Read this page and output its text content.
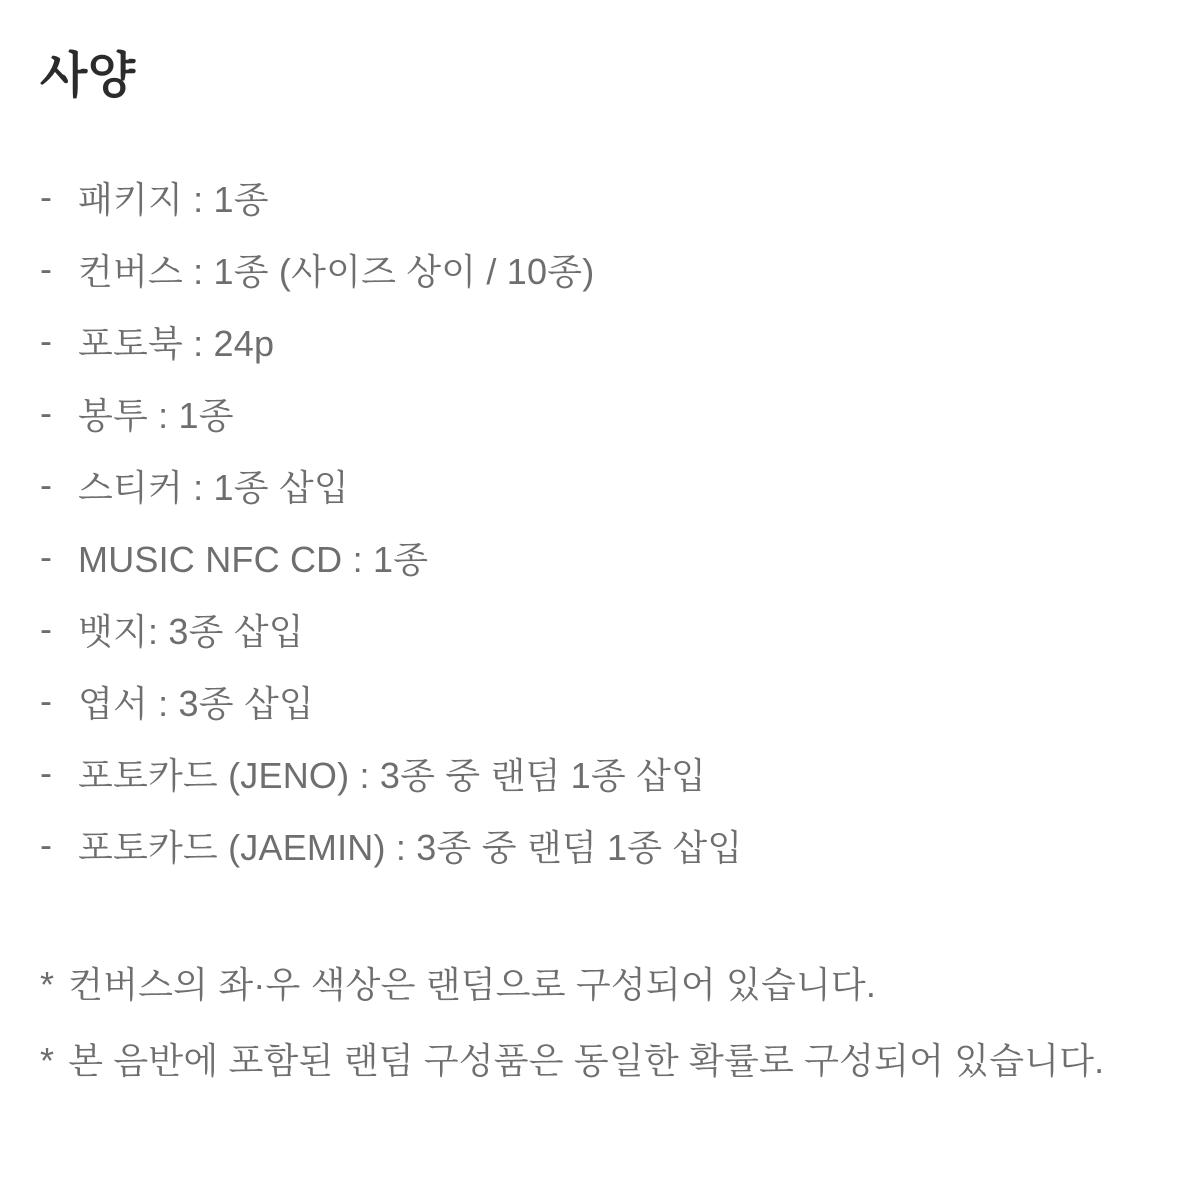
사양
- 패키지 : 1종
- 컨버스 : 1종 (사이즈 상이 / 10종)
- 포토북 : 24p
- 봉투 : 1종
- 스티커 : 1종 삽입
- MUSIC NFC CD : 1종
- 뱃지: 3종 삽입
- 엽서 : 3종 삽입
- 포토카드 (JENO) : 3종 중 랜덤 1종 삽입
- 포토카드 (JAEMIN) : 3종 중 랜덤 1종 삽입

* 컨버스의 좌·우 색상은 랜덤으로 구성되어 있습니다.

* 본 음반에 포함된 랜덤 구성품은 동일한 확률로 구성되어 있습니다.
